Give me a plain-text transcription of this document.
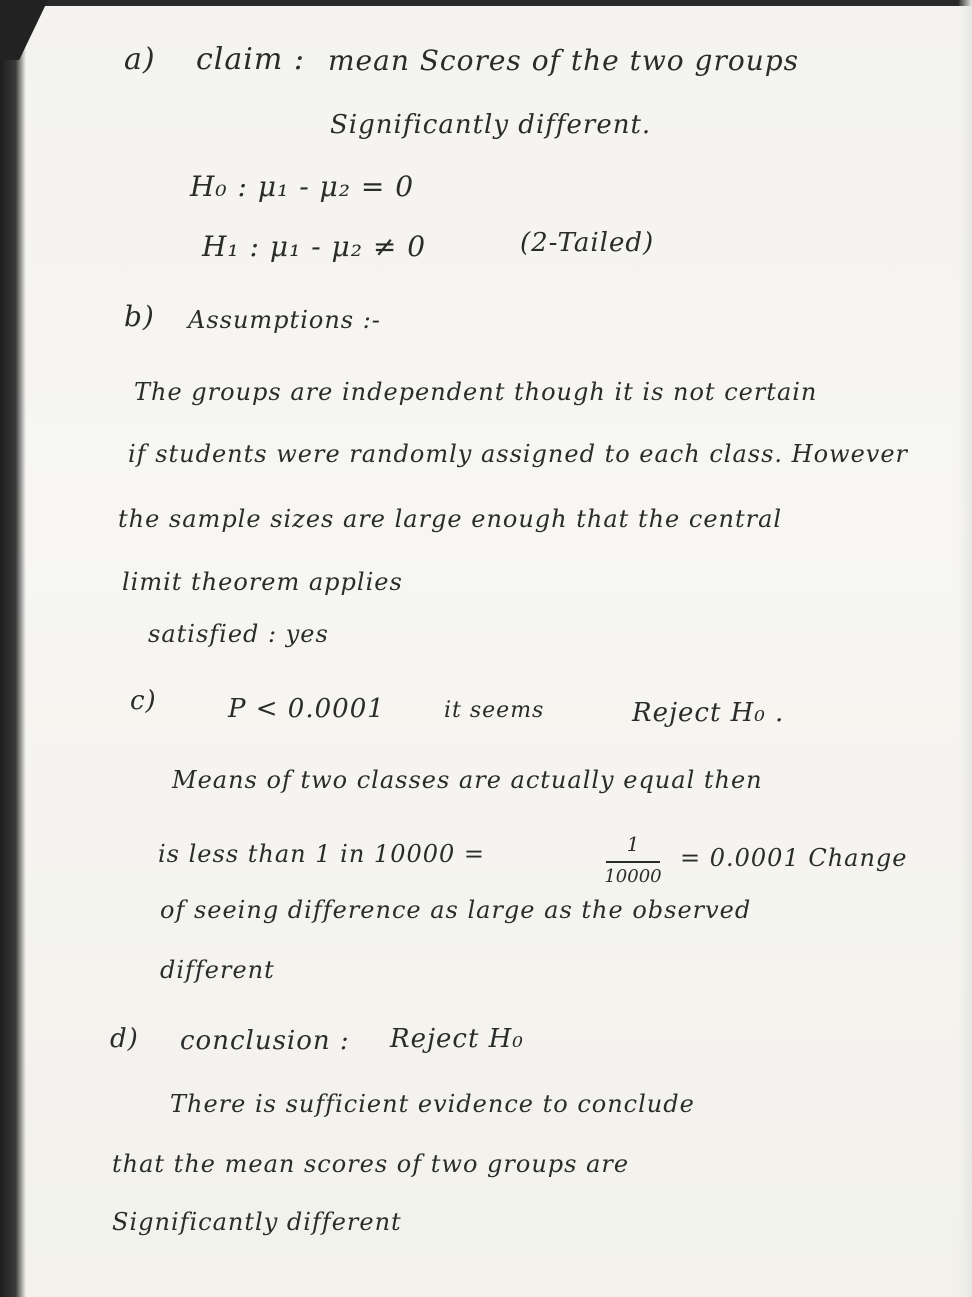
a) claim : mean Scores of the two groups
Significantly different.
H₀ : μ₁ - μ₂ = 0
H₁ : μ₁ - μ₂ ≠ 0	(2-Tailed)
b) Assumptions :-
The groups are independent though it is not certain
if students were randomly assigned to each class. However
the sample sizes are large enough that the central
limit theorem applies
satisfied : yes
c)	P < 0.0001	it seems	Reject H₀ .
Means of two classes are actually equal then
is less than 1 in 10000 =	1
10000
= 0.0001 Change
of seeing difference as large as the observed
different
d) conclusion : Reject H₀
There is sufficient evidence to conclude
that the mean scores of two groups are
Significantly different
